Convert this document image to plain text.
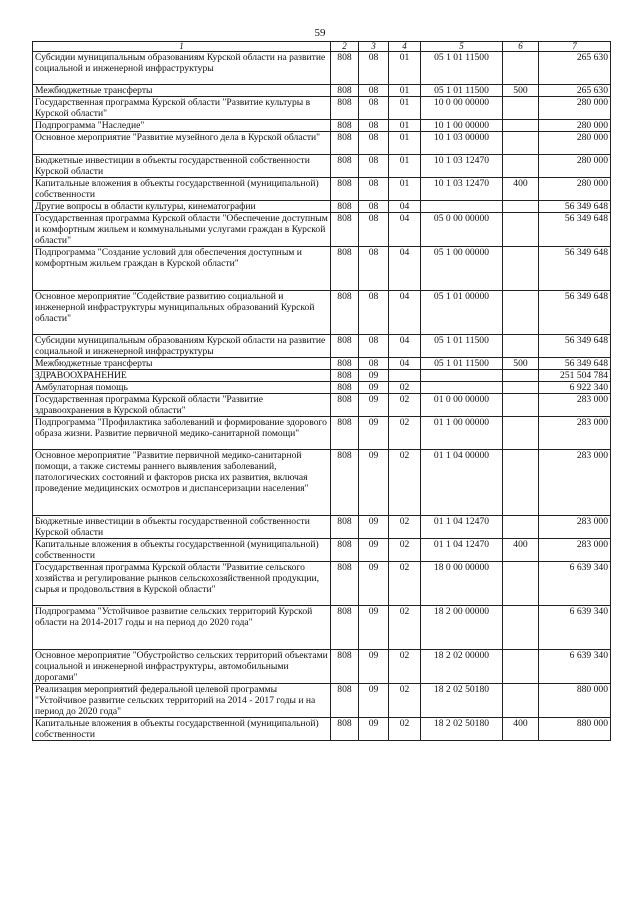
59
1	2	3	4	5	6	7
Субсидии муниципальным образованиям Курской области на развитие социальной и инженерной инфраструктуры	808	08	01	05 1 01 11500		265 630
Межбюджетные трансферты	808	08	01	05 1 01 11500	500	265 630
Государственная программа Курской области "Развитие культуры в Курской области"	808	08	01	10 0 00 00000		280 000
Подпрограмма "Наследие"	808	08	01	10 1 00 00000		280 000
Основное мероприятие "Развитие музейного дела в Курской области"	808	08	01	10 1 03 00000		280 000
Бюджетные инвестиции в объекты государственной собственности Курской области	808	08	01	10 1 03 12470		280 000
Капитальные вложения в объекты государственной (муниципальной) собственности	808	08	01	10 1 03 12470	400	280 000
Другие вопросы в области культуры, кинематографии	808	08	04			56 349 648
Государственная программа Курской области "Обеспечение доступным и комфортным жильем и коммунальными услугами граждан в Курской области"	808	08	04	05 0 00 00000		56 349 648
Подпрограмма "Создание условий для обеспечения доступным и комфортным жильем граждан в Курской области"	808	08	04	05 1 00 00000		56 349 648
Основное мероприятие "Содействие развитию социальной и инженерной инфраструктуры муниципальных образований Курской области"	808	08	04	05 1 01 00000		56 349 648
Субсидии муниципальным образованиям Курской области на развитие социальной и инженерной инфраструктуры	808	08	04	05 1 01 11500		56 349 648
Межбюджетные трансферты	808	08	04	05 1 01 11500	500	56 349 648
ЗДРАВООХРАНЕНИЕ	808	09				251 504 784
Амбулаторная помощь	808	09	02			6 922 340
Государственная программа Курской области "Развитие здравоохранения в Курской области"	808	09	02	01 0 00 00000		283 000
Подпрограмма "Профилактика заболеваний и формирование здорового образа жизни. Развитие первичной медико-санитарной помощи"	808	09	02	01 1 00 00000		283 000
Основное мероприятие "Развитие первичной медико-санитарной помощи, а также системы раннего выявления заболеваний, патологических состояний и факторов риска их развития, включая проведение медицинских осмотров и диспансеризации населения"	808	09	02	01 1 04 00000		283 000
Бюджетные инвестиции в объекты государственной собственности Курской области	808	09	02	01 1 04 12470		283 000
Капитальные вложения в объекты государственной (муниципальной) собственности	808	09	02	01 1 04 12470	400	283 000
Государственная программа Курской области "Развитие сельского хозяйства и регулирование рынков сельскохозяйственной продукции, сырья и продовольствия в Курской области"	808	09	02	18 0 00 00000		6 639 340
Подпрограмма "Устойчивое развитие сельских территорий Курской области на 2014-2017 годы и на период до 2020 года"	808	09	02	18 2 00 00000		6 639 340
Основное мероприятие "Обустройство сельских территорий объектами социальной и инженерной инфраструктуры, автомобильными дорогами"	808	09	02	18 2 02 00000		6 639 340
Реализация мероприятий федеральной целевой программы "Устойчивое развитие сельских территорий на 2014 - 2017 годы и на период до 2020 года"	808	09	02	18 2 02 50180		880 000
Капитальные вложения в объекты государственной (муниципальной) собственности	808	09	02	18 2 02 50180	400	880 000
